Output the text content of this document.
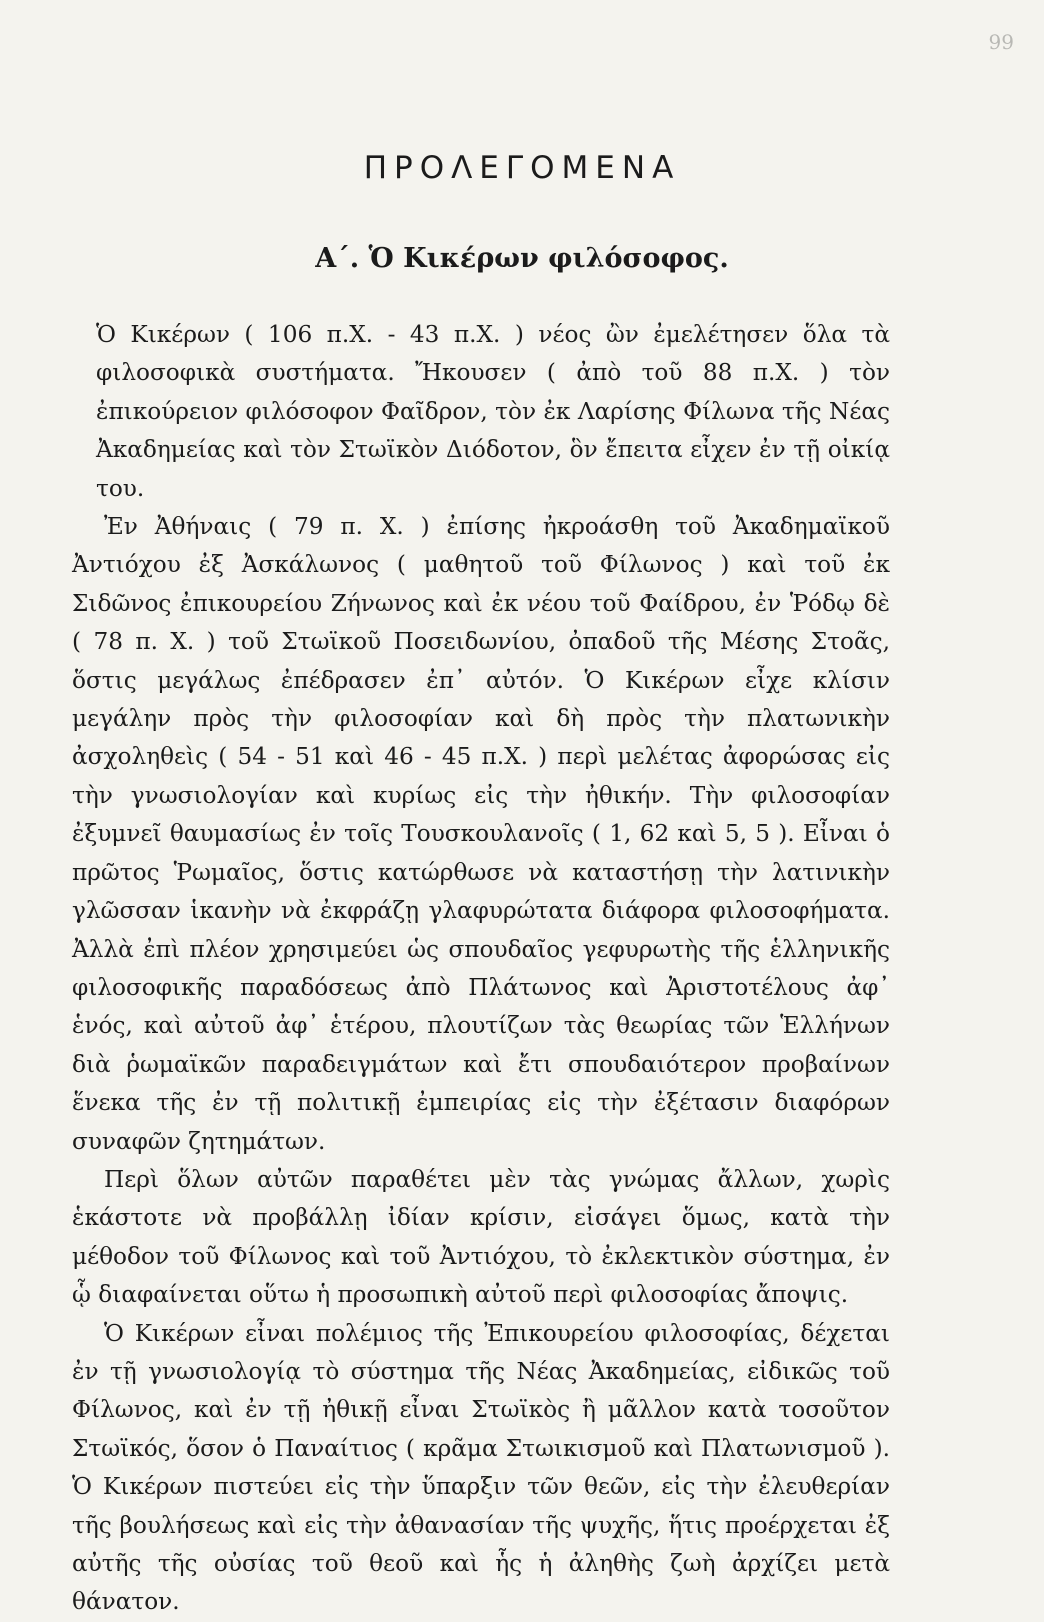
99
ΠΡΟΛΕΓΟΜΕΝΑ
Α΄. Ὁ Κικέρων φιλόσοφος.

Ὁ Κικέρων ( 106 π.Χ. - 43 π.Χ. ) νέος ὢν ἐμελέτησεν ὅλα τὰ φιλοσοφικὰ συστήματα. Ἤκουσεν ( ἀπὸ τοῦ 88 π.Χ. ) τὸν ἐπικούρειον φιλόσοφον Φαῖδρον, τὸν ἐκ Λαρίσης Φίλωνα τῆς Νέας Ἀκαδημείας καὶ τὸν Στωϊκὸν Διόδοτον, ὃν ἔπειτα εἶχεν ἐν τῇ οἰκίᾳ του.

Ἐν Ἀθήναις ( 79 π. Χ. ) ἐπίσης ἠκροάσθη τοῦ Ἀκαδημαϊκοῦ Ἀντιόχου ἐξ Ἀσκάλωνος ( μαθητοῦ τοῦ Φίλωνος ) καὶ τοῦ ἐκ Σιδῶνος ἐπικουρείου Ζήνωνος καὶ ἐκ νέου τοῦ Φαίδρου, ἐν Ῥόδῳ δὲ ( 78 π. Χ. ) τοῦ Στωϊκοῦ Ποσειδωνίου, ὀπαδοῦ τῆς Μέσης Στοᾶς, ὅστις μεγάλως ἐπέδρασεν ἐπ᾽ αὐτόν. Ὁ Κικέρων εἶχε κλίσιν μεγάλην πρὸς τὴν φιλοσοφίαν καὶ δὴ πρὸς τὴν πλατωνικὴν ἀσχοληθεὶς ( 54 - 51 καὶ 46 - 45 π.Χ. ) περὶ μελέτας ἀφορώσας εἰς τὴν γνωσιολογίαν καὶ κυρίως εἰς τὴν ἠθικήν. Τὴν φιλοσοφίαν ἐξυμνεῖ θαυμασίως ἐν τοῖς Τουσκουλανοῖς ( 1, 62 καὶ 5, 5 ). Εἶναι ὁ πρῶτος Ῥωμαῖος, ὅστις κατώρθωσε νὰ καταστήσῃ τὴν λατινικὴν γλῶσσαν ἱκανὴν νὰ ἐκφράζῃ γλαφυρώτατα διάφορα φιλοσοφήματα. Ἀλλὰ ἐπὶ πλέον χρησιμεύει ὡς σπουδαῖος γεφυρωτὴς τῆς ἑλληνικῆς φιλοσοφικῆς παραδόσεως ἀπὸ Πλάτωνος καὶ Ἀριστοτέλους ἀφ᾽ ἑνός, καὶ αὐτοῦ ἀφ᾽ ἑτέρου, πλουτίζων τὰς θεωρίας τῶν Ἑλλήνων διὰ ῥωμαϊκῶν παραδειγμάτων καὶ ἔτι σπουδαιότερον προβαίνων ἕνεκα τῆς ἐν τῇ πολιτικῇ ἐμπειρίας εἰς τὴν ἐξέτασιν διαφόρων συναφῶν ζητημάτων.

Περὶ ὅλων αὐτῶν παραθέτει μὲν τὰς γνώμας ἄλλων, χωρὶς ἑκάστοτε νὰ προβάλλῃ ἰδίαν κρίσιν, εἰσάγει ὅμως, κατὰ τὴν μέθοδον τοῦ Φίλωνος καὶ τοῦ Ἀντιόχου, τὸ ἐκλεκτικὸν σύστημα, ἐν ᾧ διαφαίνεται οὕτω ἡ προσωπικὴ αὐτοῦ περὶ φιλοσοφίας ἄποψις.

Ὁ Κικέρων εἶναι πολέμιος τῆς Ἐπικουρείου φιλοσοφίας, δέχεται ἐν τῇ γνωσιολογίᾳ τὸ σύστημα τῆς Νέας Ἀκαδημείας, εἰδικῶς τοῦ Φίλωνος, καὶ ἐν τῇ ἠθικῇ εἶναι Στωϊκὸς ἢ μᾶλλον κατὰ τοσοῦτον Στωϊκός, ὅσον ὁ Παναίτιος ( κρᾶμα Στωικισμοῦ καὶ Πλατωνισμοῦ ). Ὁ Κικέρων πιστεύει εἰς τὴν ὕπαρξιν τῶν θεῶν, εἰς τὴν ἐλευθερίαν τῆς βουλήσεως καὶ εἰς τὴν ἀθανασίαν τῆς ψυχῆς, ἥτις προέρχεται ἐξ αὐτῆς τῆς οὐσίας τοῦ θεοῦ καὶ ἧς ἡ ἀληθὴς ζωὴ ἀρχίζει μετὰ θάνατον.
